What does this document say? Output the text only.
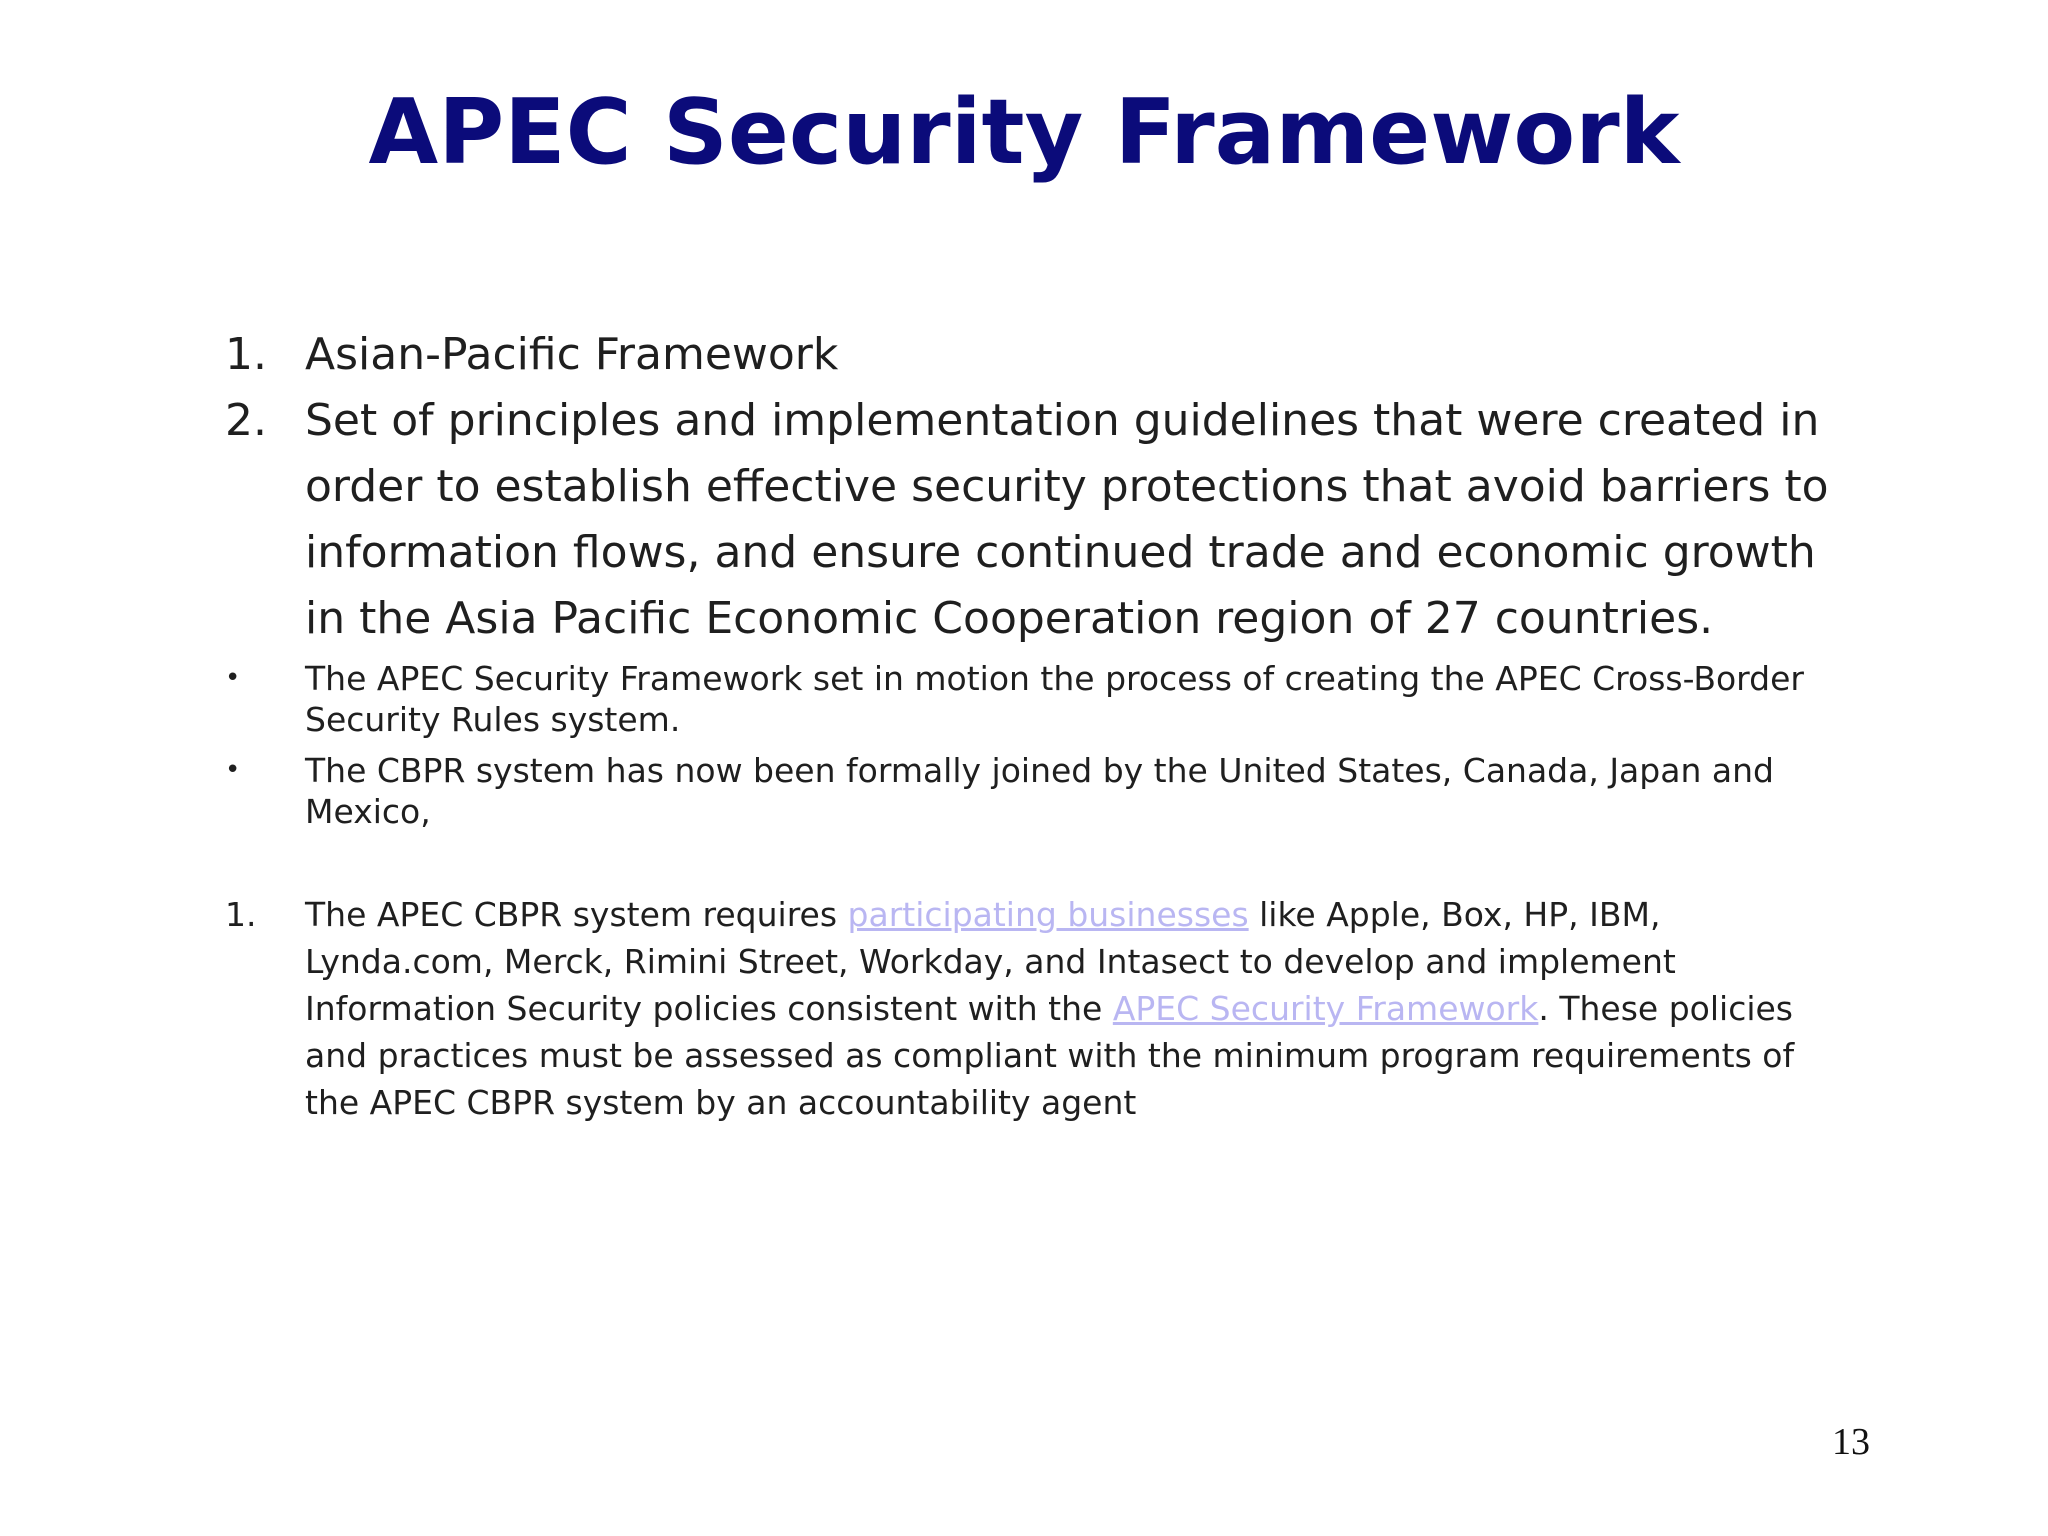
APEC Security Framework
1. Asian-Pacific Framework
2. Set of principles and implementation guidelines that were created in order to establish effective security protections that avoid barriers to information flows, and ensure continued trade and economic growth in the Asia Pacific Economic Cooperation region of 27 countries.
• The APEC Security Framework set in motion the process of creating the APEC Cross-Border Security Rules system.
• The CBPR system has now been formally joined by the United States, Canada, Japan and Mexico,
1. The APEC CBPR system requires participating businesses like Apple, Box, HP, IBM, Lynda.com, Merck, Rimini Street, Workday, and Intasect to develop and implement Information Security policies consistent with the APEC Security Framework. These policies and practices must be assessed as compliant with the minimum program requirements of the APEC CBPR system by an accountability agent
13
